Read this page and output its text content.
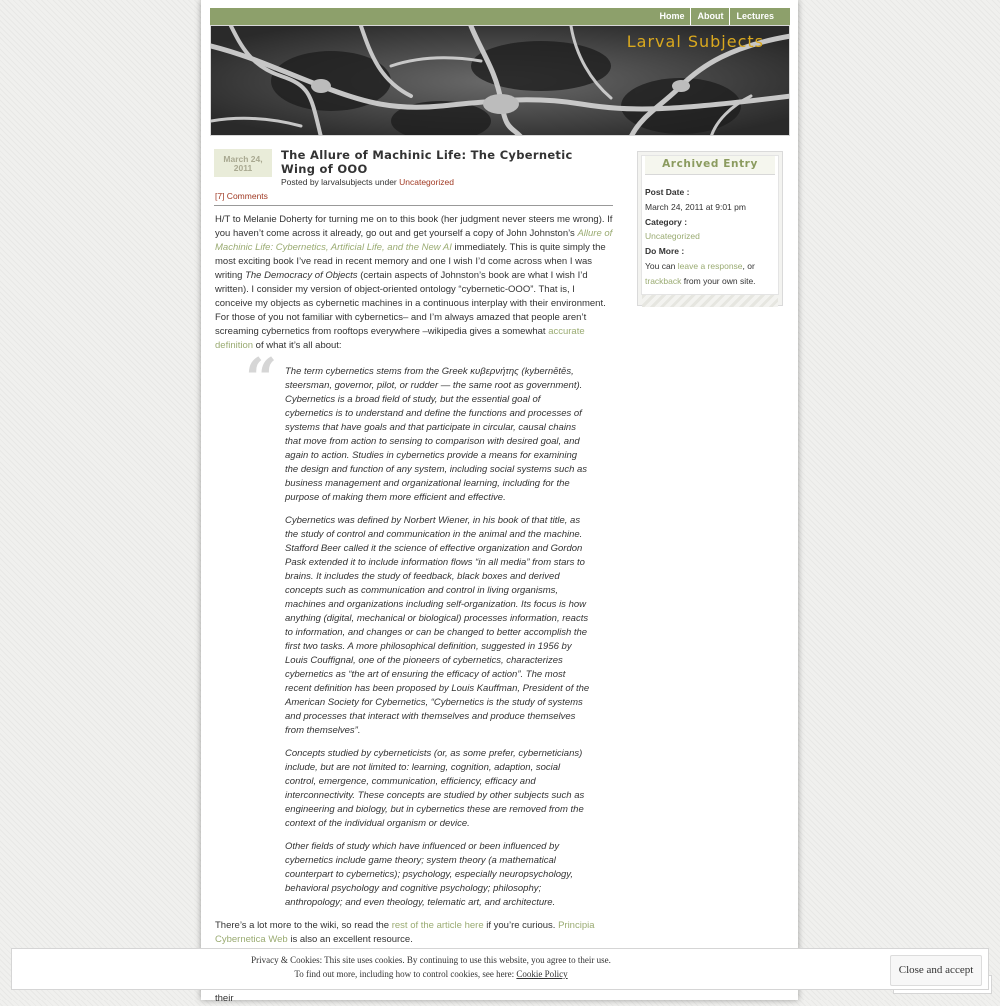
Home	About	Lectures
Larval Subjects
March 24,
2011
The Allure of Machinic Life: The Cybernetic Wing of OOO
Posted by larvalsubjects under Uncategorized
[7] Comments

H/T to Melanie Doherty for turning me on to this book (her judgment never steers me wrong). If you haven’t come across it already, go out and get yourself a copy of John Johnston’s Allure of Machinic Life: Cybernetics, Artificial Life, and the New AI immediately. This is quite simply the most exciting book I’ve read in recent memory and one I wish I’d come across when I was writing The Democracy of Objects (certain aspects of Johnston’s book are what I wish I’d written). I consider my version of object-oriented ontology “cybernetic-OOO”. That is, I conceive my objects as cybernetic machines in a continuous interplay with their environment. For those of you not familiar with cybernetics– and I’m always amazed that people aren’t screaming cybernetics from rooftops everywhere –wikipedia gives a somewhat accurate definition of what it’s all about:

“ The term cybernetics stems from the Greek κυβερνήτης (kybernētēs, steersman, governor, pilot, or rudder — the same root as government). Cybernetics is a broad field of study, but the essential goal of cybernetics is to understand and define the functions and processes of systems that have goals and that participate in circular, causal chains that move from action to sensing to comparison with desired goal, and again to action. Studies in cybernetics provide a means for examining the design and function of any system, including social systems such as business management and organizational learning, including for the purpose of making them more efficient and effective.

Cybernetics was defined by Norbert Wiener, in his book of that title, as the study of control and communication in the animal and the machine. Stafford Beer called it the science of effective organization and Gordon Pask extended it to include information flows “in all media” from stars to brains. It includes the study of feedback, black boxes and derived concepts such as communication and control in living organisms, machines and organizations including self-organization. Its focus is how anything (digital, mechanical or biological) processes information, reacts to information, and changes or can be changed to better accomplish the first two tasks. A more philosophical definition, suggested in 1956 by Louis Couffignal, one of the pioneers of cybernetics, characterizes cybernetics as “the art of ensuring the efficacy of action”. The most recent definition has been proposed by Louis Kauffman, President of the American Society for Cybernetics, “Cybernetics is the study of systems and processes that interact with themselves and produce themselves from themselves”.

Concepts studied by cyberneticists (or, as some prefer, cyberneticians) include, but are not limited to: learning, cognition, adaption, social control, emergence, communication, efficiency, efficacy and interconnectivity. These concepts are studied by other subjects such as engineering and biology, but in cybernetics these are removed from the context of the individual organism or device.

Other fields of study which have influenced or been influenced by cybernetics include game theory; system theory (a mathematical counterpart to cybernetics); psychology, especially neuropsychology, behavioral psychology and cognitive psychology; philosophy; anthropology; and even theology, telematic art, and architecture.

There’s a lot more to the wiki, so read the rest of the article here if you’re curious. Principia Cybernetica Web is also an excellent resource.

their

Archived Entry
Post Date :
March 24, 2011 at 9:01 pm
Category :
Uncategorized
Do More :
You can leave a response, or
trackback from your own site.
Privacy & Cookies: This site uses cookies. By continuing to use this website, you agree to their use.
To find out more, including how to control cookies, see here: Cookie Policy	Close and accept
